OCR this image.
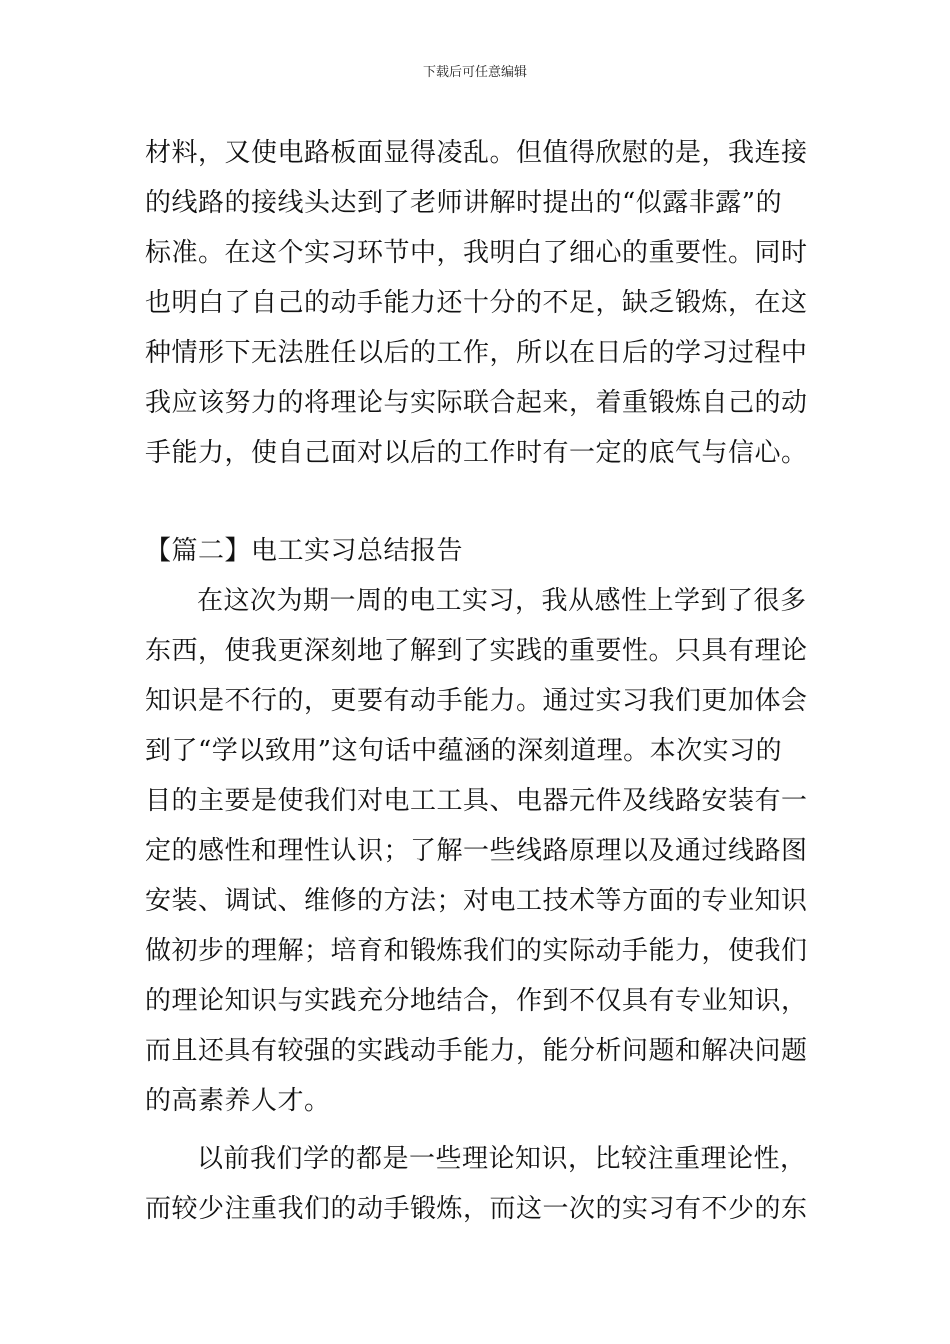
下载后可任意编辑
材料，又使电路板面显得凌乱。但值得欣慰的是，我连接
的线路的接线头达到了老师讲解时提出的“似露非露”的
标准。在这个实习环节中，我明白了细心的重要性。同时
也明白了自己的动手能力还十分的不足，缺乏锻炼，在这
种情形下无法胜任以后的工作，所以在日后的学习过程中
我应该努力的将理论与实际联合起来，着重锻炼自己的动
手能力，使自己面对以后的工作时有一定的底气与信心。
【篇二】电工实习总结报告
在这次为期一周的电工实习，我从感性上学到了很多
东西，使我更深刻地了解到了实践的重要性。只具有理论
知识是不行的，更要有动手能力。通过实习我们更加体会
到了“学以致用”这句话中蕴涵的深刻道理。本次实习的
目的主要是使我们对电工工具、电器元件及线路安装有一
定的感性和理性认识；了解一些线路原理以及通过线路图
安装、调试、维修的方法；对电工技术等方面的专业知识
做初步的理解；培育和锻炼我们的实际动手能力，使我们
的理论知识与实践充分地结合，作到不仅具有专业知识，
而且还具有较强的实践动手能力，能分析问题和解决问题
的高素养人才。
以前我们学的都是一些理论知识，比较注重理论性，
而较少注重我们的动手锻炼，而这一次的实习有不少的东
